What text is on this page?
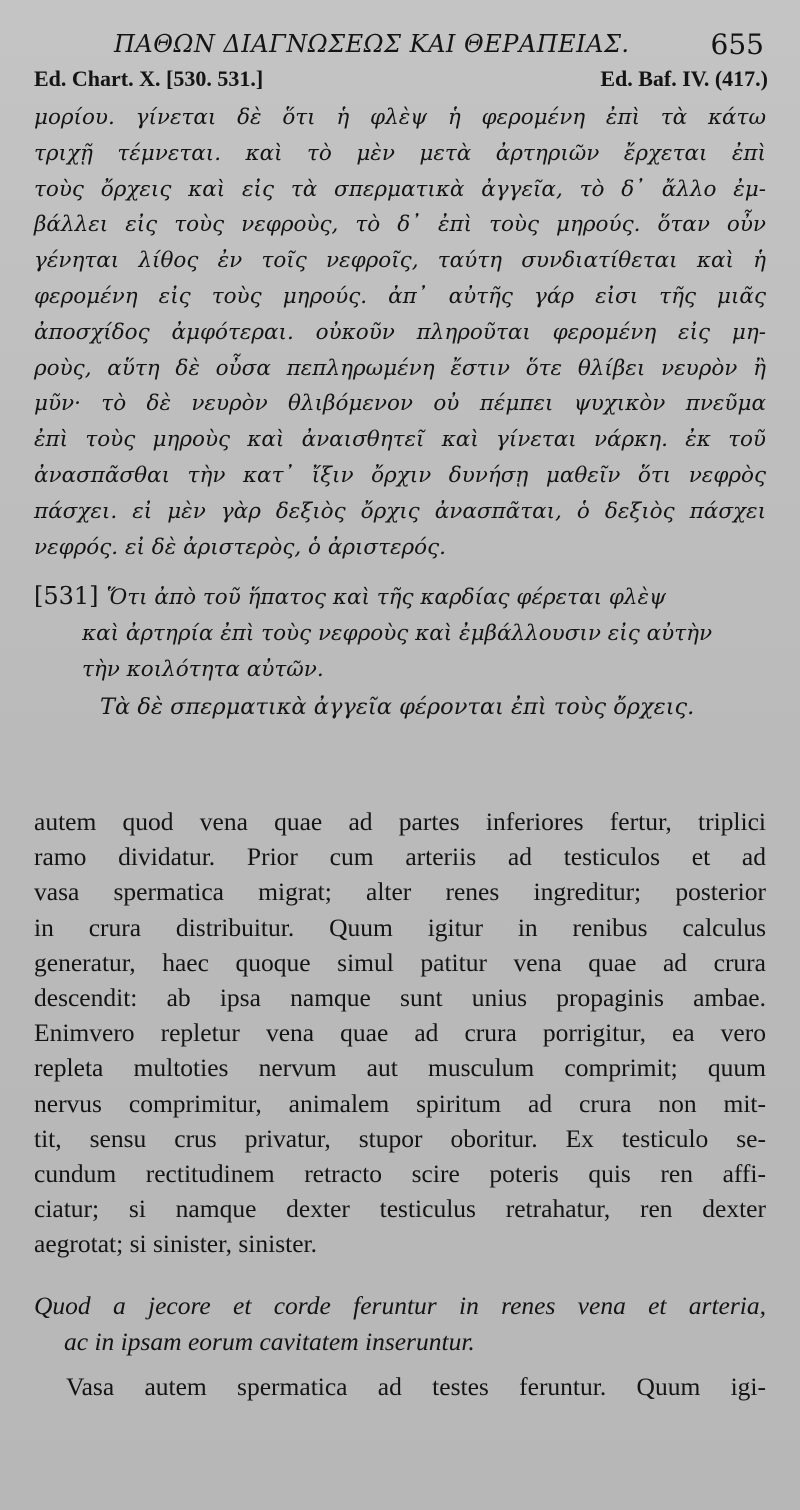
ΠΑΘΩΝ ΔΙΑΓΝΩΣΕΩΣ ΚΑΙ ΘΕΡΑΠΕΙΑΣ.	655
Ed. Chart. X. [530. 531.]	Ed. Baf. IV. (417.)
μορίου. γίνεται δὲ ὅτι ἡ φλὲψ ἡ φερομένη ἐπὶ τὰ κάτω
τριχῇ τέμνεται. καὶ τὸ μὲν μετὰ ἀρτηριῶν ἔρχεται ἐπὶ
τοὺς ὄρχεις καὶ εἰς τὰ σπερματικὰ ἀγγεῖα, τὸ δ᾽ ἄλλο ἐμ-
βάλλει εἰς τοὺς νεφροὺς, τὸ δ᾽ ἐπὶ τοὺς μηρούς. ὅταν οὖν
γένηται λίθος ἐν τοῖς νεφροῖς, ταύτη συνδιατίθεται καὶ ἡ
φερομένη εἰς τοὺς μηρούς. ἀπ᾽ αὐτῆς γάρ εἰσι τῆς μιᾶς
ἀποσχίδος ἀμφότεραι. οὐκοῦν πληροῦται φερομένη εἰς μη-
ροὺς, αὕτη δὲ οὖσα πεπληρωμένη ἔστιν ὅτε θλίβει νευρὸν ἢ
μῦν· τὸ δὲ νευρὸν θλιβόμενον οὐ πέμπει ψυχικὸν πνεῦμα
ἐπὶ τοὺς μηροὺς καὶ ἀναισθητεῖ καὶ γίνεται νάρκη. ἐκ τοῦ
ἀνασπᾶσθαι τὴν κατ᾽ ἴξιν ὄρχιν δυνήσῃ μαθεῖν ὅτι νεφρὸς
πάσχει. εἰ μὲν γὰρ δεξιὸς ὄρχις ἀνασπᾶται, ὁ δεξιὸς πάσχει
νεφρός. εἰ δὲ ἀριστερὸς, ὁ ἀριστερός.
[531] Ὅτι ἀπὸ τοῦ ἥπατος καὶ τῆς καρδίας φέρεται φλὲψ
καὶ ἀρτηρία ἐπὶ τοὺς νεφροὺς καὶ ἐμβάλλουσιν εἰς αὐτὴν
τὴν κοιλότητα αὐτῶν.
Τὰ δὲ σπερματικὰ ἀγγεῖα φέρονται ἐπὶ τοὺς ὄρχεις.
autem quod vena quae ad partes inferiores fertur, triplici
ramo dividatur. Prior cum arteriis ad testiculos et ad
vasa spermatica migrat; alter renes ingreditur; posterior
in crura distribuitur. Quum igitur in renibus calculus
generatur, haec quoque simul patitur vena quae ad crura
descendit: ab ipsa namque sunt unius propaginis ambae.
Enimvero repletur vena quae ad crura porrigitur, ea vero
repleta multoties nervum aut musculum comprimit; quum
nervus comprimitur, animalem spiritum ad crura non mit-
tit, sensu crus privatur, stupor oboritur. Ex testiculo se-
cundum rectitudinem retracto scire poteris quis ren affi-
ciatur; si namque dexter testiculus retrahatur, ren dexter
aegrotat; si sinister, sinister.
Quod a jecore et corde feruntur in renes vena et arteria,
ac in ipsam eorum cavitatem inseruntur.
Vasa autem spermatica ad testes feruntur. Quum igi-
